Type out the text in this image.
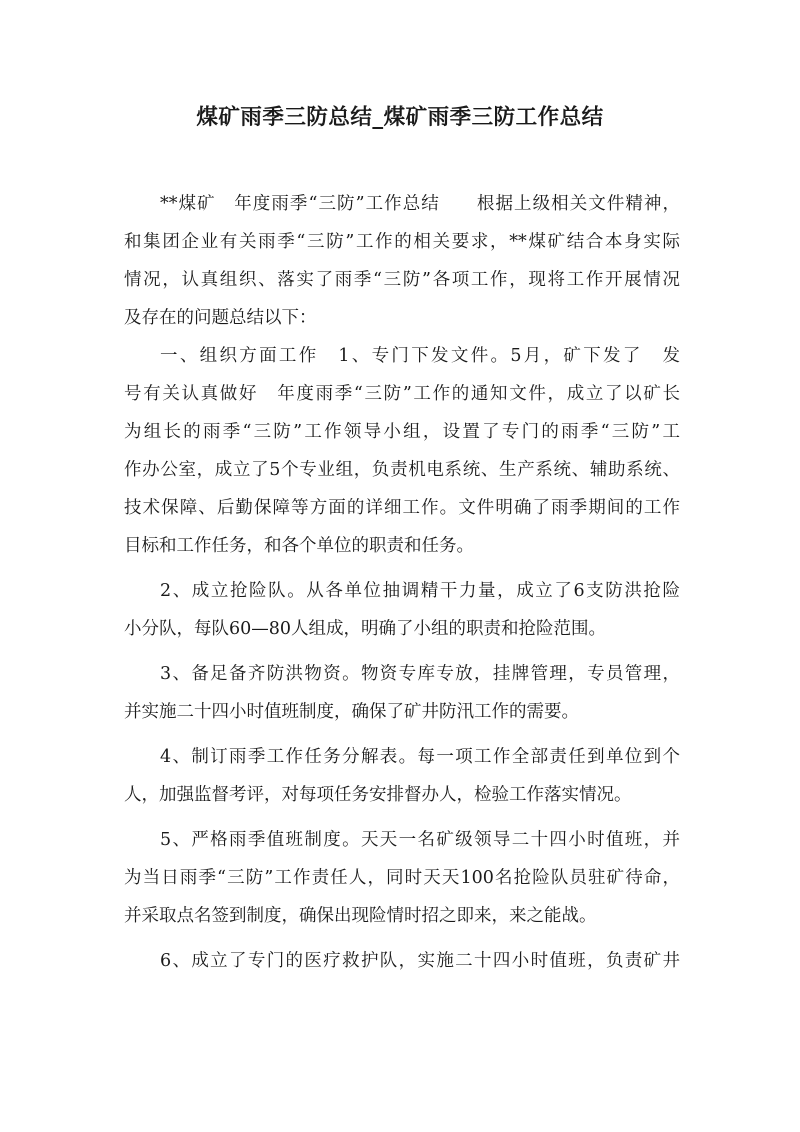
煤矿雨季三防总结_煤矿雨季三防工作总结
**煤矿　年度雨季“三防”工作总结　　根据上级相关文件精神，
和集团企业有关雨季“三防”工作的相关要求，**煤矿结合本身实际
情况，认真组织、落实了雨季“三防”各项工作，现将工作开展情况
及存在的问题总结以下：
一、组织方面工作　1、专门下发文件。5月，矿下发了　发
号有关认真做好　年度雨季“三防”工作的通知文件，成立了以矿长
为组长的雨季“三防”工作领导小组，设置了专门的雨季“三防”工
作办公室，成立了5个专业组，负责机电系统、生产系统、辅助系统、
技术保障、后勤保障等方面的详细工作。文件明确了雨季期间的工作
目标和工作任务，和各个单位的职责和任务。
2、成立抢险队。从各单位抽调精干力量，成立了6支防洪抢险
小分队，每队60—80人组成，明确了小组的职责和抢险范围。
3、备足备齐防洪物资。物资专库专放，挂牌管理，专员管理，
并实施二十四小时值班制度，确保了矿井防汛工作的需要。
4、制订雨季工作任务分解表。每一项工作全部责任到单位到个
人，加强监督考评，对每项任务安排督办人，检验工作落实情况。
5、严格雨季值班制度。天天一名矿级领导二十四小时值班，并
为当日雨季“三防”工作责任人，同时天天100名抢险队员驻矿待命，
并采取点名签到制度，确保出现险情时招之即来，来之能战。
6、成立了专门的医疗救护队，实施二十四小时值班，负责矿井
